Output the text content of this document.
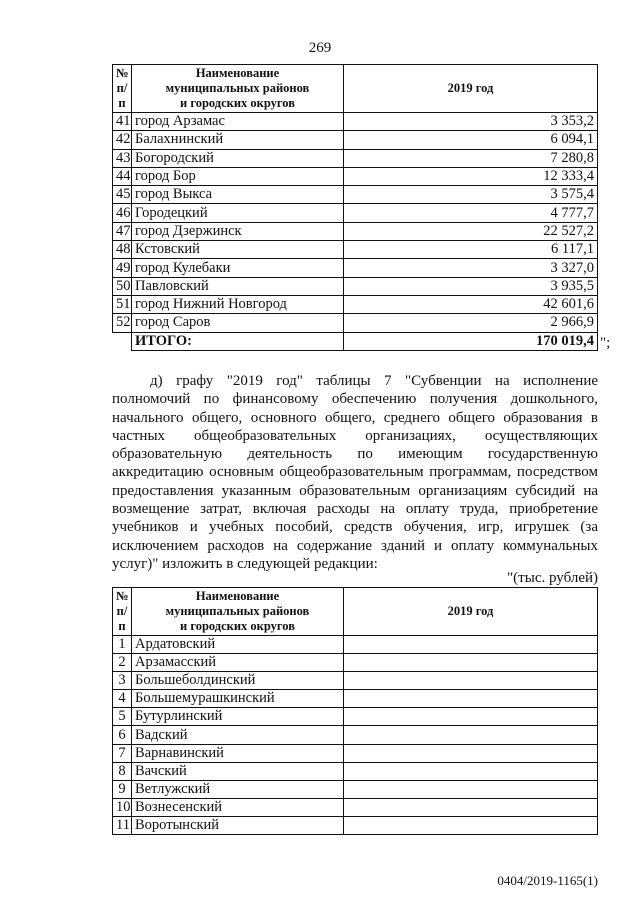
269
№
п/п	Наименование
муниципальных районов
и городских округов	2019 год
41	город Арзамас	3 353,2
42	Балахнинский	6 094,1
43	Богородский	7 280,8
44	город Бор	12 333,4
45	город Выкса	3 575,4
46	Городецкий	4 777,7
47	город Дзержинск	22 527,2
48	Кстовский	6 117,1
49	город Кулебаки	3 327,0
50	Павловский	3 935,5
51	город Нижний Новгород	42 601,6
52	город Саров	2 966,9
	ИТОГО:	170 019,4 ";

д) графу "2019 год" таблицы 7 "Субвенции на исполнение полномочий по финансовому обеспечению получения дошкольного, начального общего, основного общего, среднего общего образования в частных общеобразовательных организациях, осуществляющих образовательную деятельность по имеющим государственную аккредитацию основным общеобразовательным программам, посредством предоставления указанным образовательным организациям субсидий на возмещение затрат, включая расходы на оплату труда, приобретение учебников и учебных пособий, средств обучения, игр, игрушек (за исключением расходов на содержание зданий и оплату коммунальных услуг)" изложить в следующей редакции:

"(тыс. рублей)
№
п/п	Наименование
муниципальных районов
и городских округов	2019 год
1	Ардатовский	
2	Арзамасский	
3	Большеболдинский	
4	Большемурашкинский	
5	Бутурлинский	
6	Вадский	
7	Варнавинский	
8	Вачский	
9	Ветлужский	
10	Вознесенский	
11	Воротынский	
0404/2019-1165(1)
